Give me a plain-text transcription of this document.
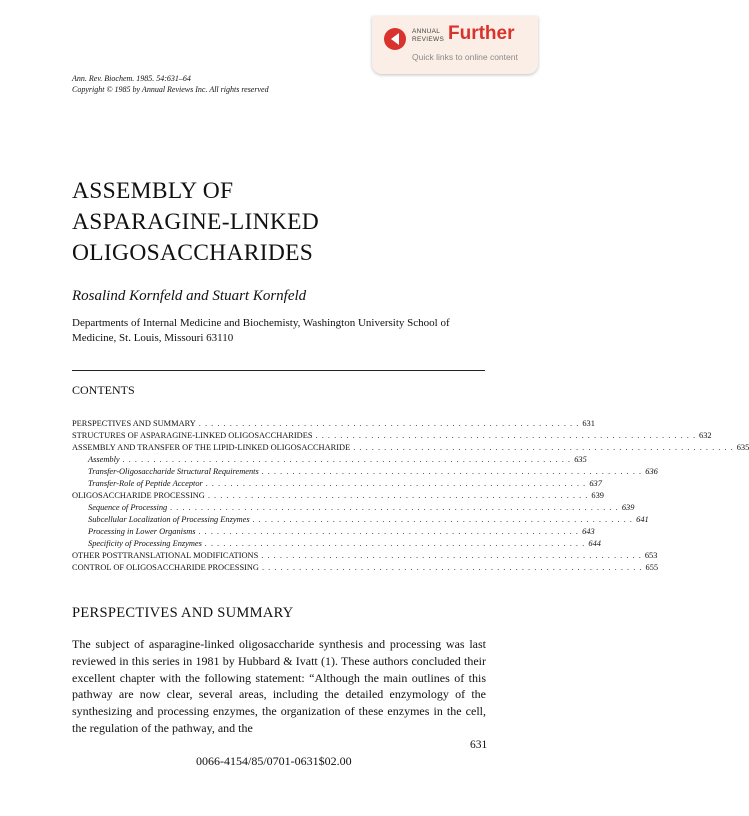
ANNUAL
REVIEWS Further
Quick links to online content
Ann. Rev. Biochem. 1985. 54:631–64
Copyright © 1985 by Annual Reviews Inc. All rights reserved
ASSEMBLY OF
ASPARAGINE-LINKED
OLIGOSACCHARIDES
Rosalind Kornfeld and Stuart Kornfeld
Departments of Internal Medicine and Biochemisty, Washington University School of
Medicine, St. Louis, Missouri 63110
CONTENTS
PERSPECTIVES AND SUMMARY . . . . . . . . . . . . . . . . . . . . . . . . . . . . . . . . . . . . . . . . . . . . . . . . . . . . . . . . . . . . . . 631
STRUCTURES OF ASPARAGINE-LINKED OLIGOSACCHARIDES . . . . . . . . . . . . . . . . . . . . . . . . . . . . . . . . . . . . . . . . . . . . . . . . . . . . . . . . . . . . . . 632
ASSEMBLY AND TRANSFER OF THE LIPID-LINKED OLIGOSACCHARIDE . . . . . . . . . . . . . . . . . . . . . . . . . . . . . . . . . . . . . . . . . . . . . . . . . . . . . . . . . . . . . . 635
Assembly . . . . . . . . . . . . . . . . . . . . . . . . . . . . . . . . . . . . . . . . . . . . . . . . . . . . . . . . . . . . . . . . . . . . . . . . . 635
Transfer-Oligosaccharide Structural Requirements . . . . . . . . . . . . . . . . . . . . . . . . . . . . . . . . . . . . . . . . . . . . . . . . . . . . . . . . . . . . . . 636
Transfer-Role of Peptide Acceptor . . . . . . . . . . . . . . . . . . . . . . . . . . . . . . . . . . . . . . . . . . . . . . . . . . . . . . . . . . . . . . 637
OLIGOSACCHARIDE PROCESSING . . . . . . . . . . . . . . . . . . . . . . . . . . . . . . . . . . . . . . . . . . . . . . . . . . . . . . . . . . . . . . 639
Sequence of Processing . . . . . . . . . . . . . . . . . . . . . . . . . . . . . . . . . . . . . . . . . . . . . . . . . . . . . . . . . . . . . . . . . . . . . . . . . 639
Subcellular Localization of Processing Enzymes . . . . . . . . . . . . . . . . . . . . . . . . . . . . . . . . . . . . . . . . . . . . . . . . . . . . . . . . . . . . . . 641
Processing in Lower Organisms . . . . . . . . . . . . . . . . . . . . . . . . . . . . . . . . . . . . . . . . . . . . . . . . . . . . . . . . . . . . . . 643
Specificity of Processing Enzymes . . . . . . . . . . . . . . . . . . . . . . . . . . . . . . . . . . . . . . . . . . . . . . . . . . . . . . . . . . . . . . 644
OTHER POSTTRANSLATIONAL MODIFICATIONS . . . . . . . . . . . . . . . . . . . . . . . . . . . . . . . . . . . . . . . . . . . . . . . . . . . . . . . . . . . . . . 653
CONTROL OF OLIGOSACCHARIDE PROCESSING . . . . . . . . . . . . . . . . . . . . . . . . . . . . . . . . . . . . . . . . . . . . . . . . . . . . . . . . . . . . . . 655
PERSPECTIVES AND SUMMARY

The subject of asparagine-linked oligosaccharide synthesis and processing was last reviewed in this series in 1981 by Hubbard & Ivatt (1). These authors concluded their excellent chapter with the following statement: “Although the main outlines of this pathway are now clear, several areas, including the detailed enzymology of the synthesizing and processing enzymes, the organization of these enzymes in the cell, the regulation of the pathway, and the

631
0066-4154/85/0701-0631$02.00
